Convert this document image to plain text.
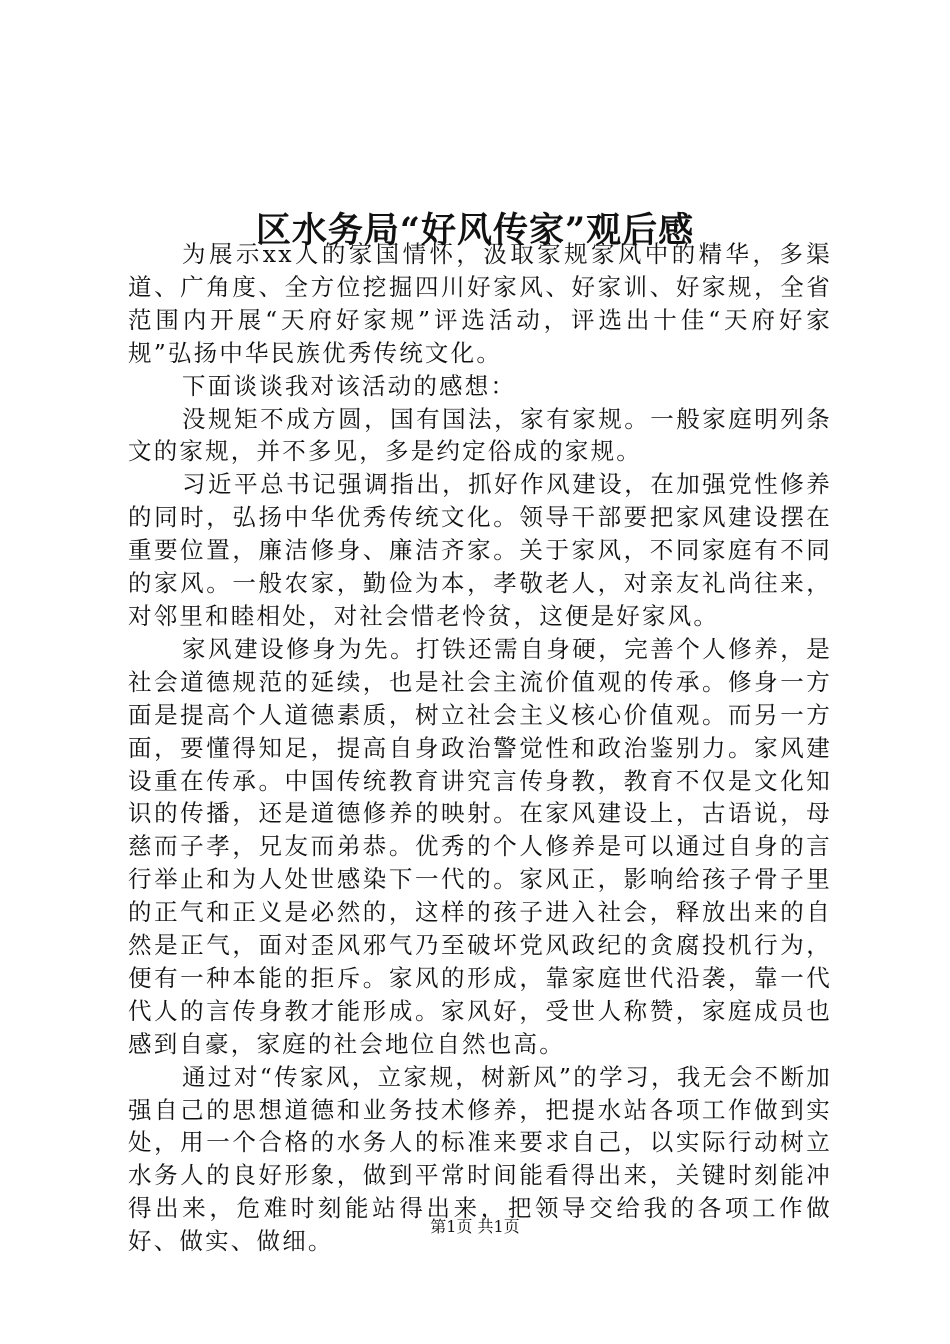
区水务局“好风传家”观后感

为展示xx人的家国情怀，汲取家规家风中的精华，多渠道、广角度、全方位挖掘四川好家风、好家训、好家规，全省范围内开展“天府好家规”评选活动，评选出十佳“天府好家规”弘扬中华民族优秀传统文化。

下面谈谈我对该活动的感想：

没规矩不成方圆，国有国法，家有家规。一般家庭明列条文的家规，并不多见，多是约定俗成的家规。

习近平总书记强调指出，抓好作风建设，在加强党性修养的同时，弘扬中华优秀传统文化。领导干部要把家风建设摆在重要位置，廉洁修身、廉洁齐家。关于家风，不同家庭有不同的家风。一般农家，勤俭为本，孝敬老人，对亲友礼尚往来，对邻里和睦相处，对社会惜老怜贫，这便是好家风。

家风建设修身为先。打铁还需自身硬，完善个人修养，是社会道德规范的延续，也是社会主流价值观的传承。修身一方面是提高个人道德素质，树立社会主义核心价值观。而另一方面，要懂得知足，提高自身政治警觉性和政治鉴别力。家风建设重在传承。中国传统教育讲究言传身教，教育不仅是文化知识的传播，还是道德修养的映射。在家风建设上，古语说，母慈而子孝，兄友而弟恭。优秀的个人修养是可以通过自身的言行举止和为人处世感染下一代的。家风正，影响给孩子骨子里的正气和正义是必然的，这样的孩子进入社会，释放出来的自然是正气，面对歪风邪气乃至破坏党风政纪的贪腐投机行为，便有一种本能的拒斥。家风的形成，靠家庭世代沿袭，靠一代代人的言传身教才能形成。家风好，受世人称赞，家庭成员也感到自豪，家庭的社会地位自然也高。

通过对“传家风，立家规，树新风”的学习，我无会不断加强自己的思想道德和业务技术修养，把提水站各项工作做到实处，用一个合格的水务人的标准来要求自己，以实际行动树立水务人的良好形象，做到平常时间能看得出来，关键时刻能冲得出来，危难时刻能站得出来，把领导交给我的各项工作做好、做实、做细。

第1页 共1页
